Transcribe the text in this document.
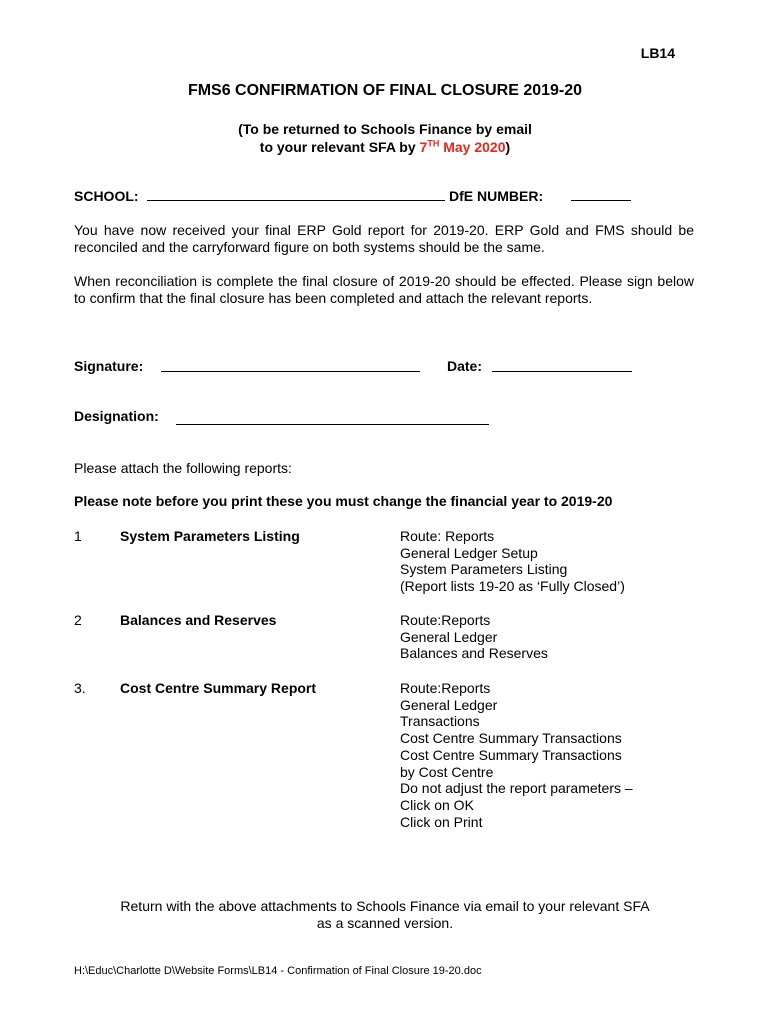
LB14
FMS6 CONFIRMATION OF FINAL CLOSURE 2019-20
(To be returned to Schools Finance by email
to your relevant SFA by 7TH May 2020)
SCHOOL:	DfE NUMBER:
You have now received your final ERP Gold report for 2019-20. ERP Gold and FMS should be reconciled and the carryforward figure on both systems should be the same.
When reconciliation is complete the final closure of 2019-20 should be effected. Please sign below to confirm that the final closure has been completed and attach the relevant reports.
Signature:	Date:
Designation:
Please attach the following reports:
Please note before you print these you must change the financial year to 2019-20
1	System Parameters Listing	Route: Reports
General Ledger Setup
System Parameters Listing
(Report lists 19-20 as ‘Fully Closed’)
2	Balances and Reserves	Route:Reports
General Ledger
Balances and Reserves
3. Cost Centre Summary Report	Route:Reports
General Ledger
Transactions
Cost Centre Summary Transactions
Cost Centre Summary Transactions
by Cost Centre
Do not adjust the report parameters –
Click on OK
Click on Print
Return with the above attachments to Schools Finance via email to your relevant SFA
as a scanned version.
H:\Educ\Charlotte D\Website Forms\LB14 - Confirmation of Final Closure 19-20.doc
